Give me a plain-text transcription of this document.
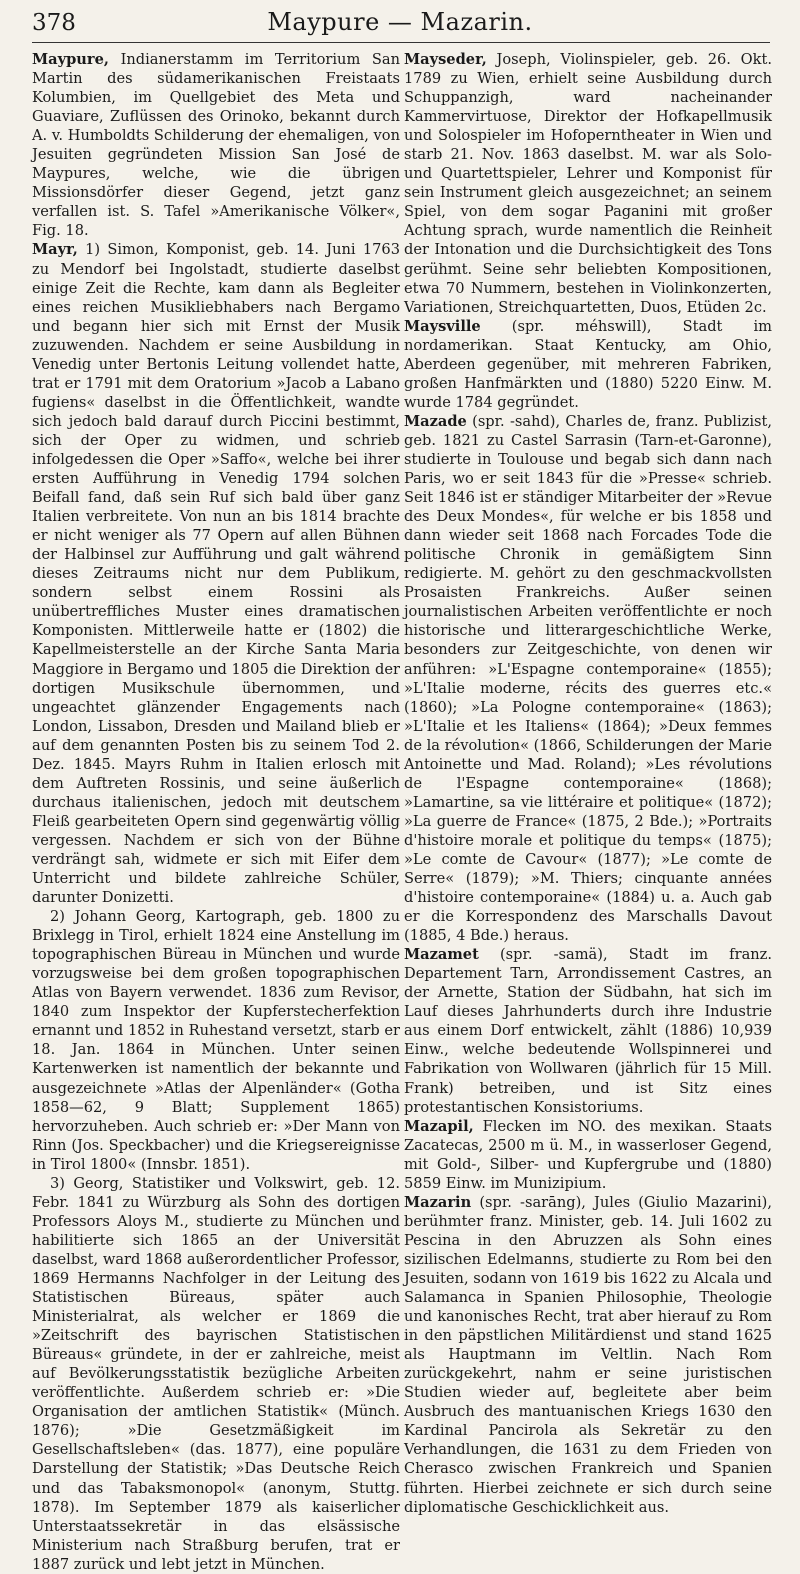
378	Maypure — Mazarin.

Maypure, Indianerstamm im Territorium San Martin des südamerikanischen Freistaats Kolumbien, im Quellgebiet des Meta und Guaviare, Zuflüssen des Orinoko, bekannt durch A. v. Humboldts Schilderung der ehemaligen, von Jesuiten gegründeten Mission San José de Maypures, welche, wie die übrigen Missionsdörfer dieser Gegend, jetzt ganz verfallen ist. S. Tafel »Amerikanische Völker«, Fig. 18.

Mayr, 1) Simon, Komponist, geb. 14. Juni 1763 zu Mendorf bei Ingolstadt, studierte daselbst einige Zeit die Rechte, kam dann als Begleiter eines reichen Musikliebhabers nach Bergamo und begann hier sich mit Ernst der Musik zuzuwenden. Nachdem er seine Ausbildung in Venedig unter Bertonis Leitung vollendet hatte, trat er 1791 mit dem Oratorium »Jacob a Labano fugiens« daselbst in die Öffentlichkeit, wandte sich jedoch bald darauf durch Piccini bestimmt, sich der Oper zu widmen, und schrieb infolgedessen die Oper »Saffo«, welche bei ihrer ersten Aufführung in Venedig 1794 solchen Beifall fand, daß sein Ruf sich bald über ganz Italien verbreitete. Von nun an bis 1814 brachte er nicht weniger als 77 Opern auf allen Bühnen der Halbinsel zur Aufführung und galt während dieses Zeitraums nicht nur dem Publikum, sondern selbst einem Rossini als unübertreffliches Muster eines dramatischen Komponisten. Mittlerweile hatte er (1802) die Kapellmeisterstelle an der Kirche Santa Maria Maggiore in Bergamo und 1805 die Direktion der dortigen Musikschule übernommen, und ungeachtet glänzender Engagements nach London, Lissabon, Dresden und Mailand blieb er auf dem genannten Posten bis zu seinem Tod 2. Dez. 1845. Mayrs Ruhm in Italien erlosch mit dem Auftreten Rossinis, und seine äußerlich durchaus italienischen, jedoch mit deutschem Fleiß gearbeiteten Opern sind gegenwärtig völlig vergessen. Nachdem er sich von der Bühne verdrängt sah, widmete er sich mit Eifer dem Unterricht und bildete zahlreiche Schüler, darunter Donizetti.

2) Johann Georg, Kartograph, geb. 1800 zu Brixlegg in Tirol, erhielt 1824 eine Anstellung im topographischen Büreau in München und wurde vorzugsweise bei dem großen topographischen Atlas von Bayern verwendet. 1836 zum Revisor, 1840 zum Inspektor der Kupferstecherfektion ernannt und 1852 in Ruhestand versetzt, starb er 18. Jan. 1864 in München. Unter seinen Kartenwerken ist namentlich der bekannte und ausgezeichnete »Atlas der Alpenländer« (Gotha 1858—62, 9 Blatt; Supplement 1865) hervorzuheben. Auch schrieb er: »Der Mann von Rinn (Jos. Speckbacher) und die Kriegsereignisse in Tirol 1800« (Innsbr. 1851).

3) Georg, Statistiker und Volkswirt, geb. 12. Febr. 1841 zu Würzburg als Sohn des dortigen Professors Aloys M., studierte zu München und habilitierte sich 1865 an der Universität daselbst, ward 1868 außerordentlicher Professor, 1869 Hermanns Nachfolger in der Leitung des Statistischen Büreaus, später auch Ministerialrat, als welcher er 1869 die »Zeitschrift des bayrischen Statistischen Büreaus« gründete, in der er zahlreiche, meist auf Bevölkerungsstatistik bezügliche Arbeiten veröffentlichte. Außerdem schrieb er: »Die Organisation der amtlichen Statistik« (Münch. 1876); »Die Gesetzmäßigkeit im Gesellschaftsleben« (das. 1877), eine populäre Darstellung der Statistik; »Das Deutsche Reich und das Tabaksmonopol« (anonym, Stuttg. 1878). Im September 1879 als kaiserlicher Unterstaatssekretär in das elsässische Ministerium nach Straßburg berufen, trat er 1887 zurück und lebt jetzt in München.

Mayseder, Joseph, Violinspieler, geb. 26. Okt. 1789 zu Wien, erhielt seine Ausbildung durch Schuppanzigh, ward nacheinander Kammervirtuose, Direktor der Hofkapellmusik und Solospieler im Hofoperntheater in Wien und starb 21. Nov. 1863 daselbst. M. war als Solo- und Quartettspieler, Lehrer und Komponist für sein Instrument gleich ausgezeichnet; an seinem Spiel, von dem sogar Paganini mit großer Achtung sprach, wurde namentlich die Reinheit der Intonation und die Durchsichtigkeit des Tons gerühmt. Seine sehr beliebten Kompositionen, etwa 70 Nummern, bestehen in Violinkonzerten, Variationen, Streichquartetten, Duos, Etüden 2c.

Maysville (spr. méhswill), Stadt im nordamerikan. Staat Kentucky, am Ohio, Aberdeen gegenüber, mit mehreren Fabriken, großen Hanfmärkten und (1880) 5220 Einw. M. wurde 1784 gegründet.

Mazade (spr. -sahd), Charles de, franz. Publizist, geb. 1821 zu Castel Sarrasin (Tarn-et-Garonne), studierte in Toulouse und begab sich dann nach Paris, wo er seit 1843 für die »Presse« schrieb. Seit 1846 ist er ständiger Mitarbeiter der »Revue des Deux Mondes«, für welche er bis 1858 und dann wieder seit 1868 nach Forcades Tode die politische Chronik in gemäßigtem Sinn redigierte. M. gehört zu den geschmackvollsten Prosaisten Frankreichs. Außer seinen journalistischen Arbeiten veröffentlichte er noch historische und litterargeschichtliche Werke, besonders zur Zeitgeschichte, von denen wir anführen: »L'Espagne contemporaine« (1855); »L'Italie moderne, récits des guerres etc.« (1860); »La Pologne contemporaine« (1863); »L'Italie et les Italiens« (1864); »Deux femmes de la révolution« (1866, Schilderungen der Marie Antoinette und Mad. Roland); »Les révolutions de l'Espagne contemporaine« (1868); »Lamartine, sa vie littéraire et politique« (1872); »La guerre de France« (1875, 2 Bde.); »Portraits d'histoire morale et politique du temps« (1875); »Le comte de Cavour« (1877); »Le comte de Serre« (1879); »M. Thiers; cinquante années d'histoire contemporaine« (1884) u. a. Auch gab er die Korrespondenz des Marschalls Davout (1885, 4 Bde.) heraus.

Mazamet (spr. -samä), Stadt im franz. Departement Tarn, Arrondissement Castres, an der Arnette, Station der Südbahn, hat sich im Lauf dieses Jahrhunderts durch ihre Industrie aus einem Dorf entwickelt, zählt (1886) 10,939 Einw., welche bedeutende Wollspinnerei und Fabrikation von Wollwaren (jährlich für 15 Mill. Frank) betreiben, und ist Sitz eines protestantischen Konsistoriums.

Mazapil, Flecken im NO. des mexikan. Staats Zacatecas, 2500 m ü. M., in wasserloser Gegend, mit Gold-, Silber- und Kupfergrube und (1880) 5859 Einw. im Munizipium.

Mazarin (spr. -sarāng), Jules (Giulio Mazarini), berühmter franz. Minister, geb. 14. Juli 1602 zu Pescina in den Abruzzen als Sohn eines sizilischen Edelmanns, studierte zu Rom bei den Jesuiten, sodann von 1619 bis 1622 zu Alcala und Salamanca in Spanien Philosophie, Theologie und kanonisches Recht, trat aber hierauf zu Rom in den päpstlichen Militärdienst und stand 1625 als Hauptmann im Veltlin. Nach Rom zurückgekehrt, nahm er seine juristischen Studien wieder auf, begleitete aber beim Ausbruch des mantuanischen Kriegs 1630 den Kardinal Pancirola als Sekretär zu den Verhandlungen, die 1631 zu dem Frieden von Cherasco zwischen Frankreich und Spanien führten. Hierbei zeichnete er sich durch seine diplomatische Geschicklichkeit aus.
